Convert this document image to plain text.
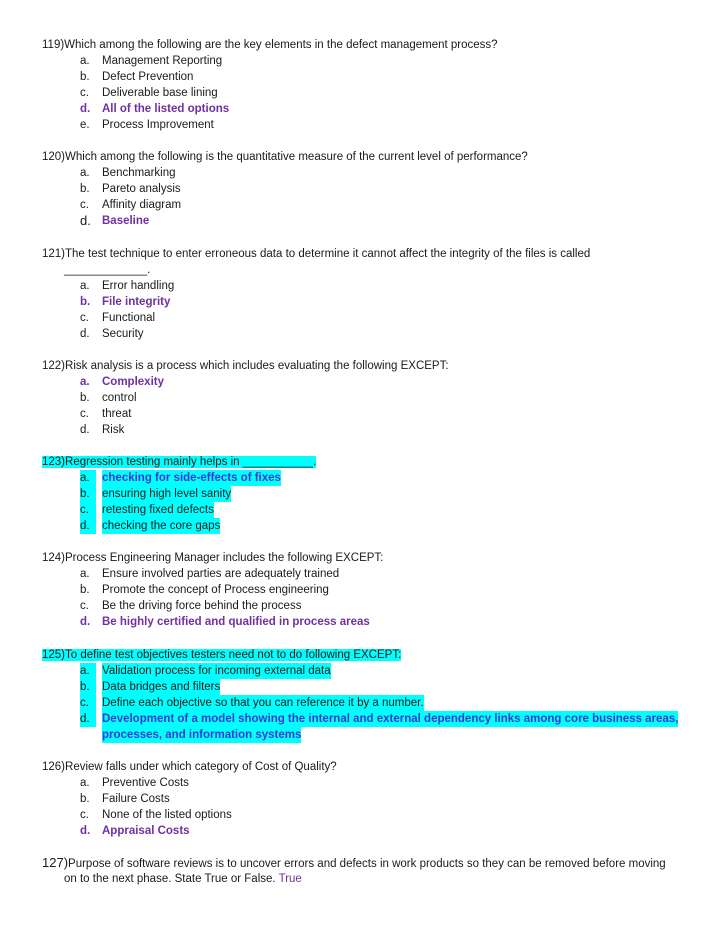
119)Which among the following are the key elements in the defect management process?
a.	Management Reporting
b.	Defect Prevention
c.	Deliverable base lining
d.	All of the listed options
e.	Process Improvement
120)Which among the following is the quantitative measure of the current level of performance?
a.	Benchmarking
b.	Pareto analysis
c.	Affinity diagram
d. Baseline
121)The test technique to enter erroneous data to determine it cannot affect the integrity of the files is called
_____________.
a.	Error handling
b.	File integrity
c.	Functional
d.	Security
122)Risk analysis is a process which includes evaluating the following EXCEPT:
a.	Complexity
b.	control
c.	threat
d.	Risk
123)Regression testing mainly helps in ___________.
a.	checking for side-effects of fixes
b.	ensuring high level sanity
c.	retesting fixed defects
d.	checking the core gaps
124)Process Engineering Manager includes the following EXCEPT:
a.	Ensure involved parties are adequately trained
b.	Promote the concept of Process engineering
c.	Be the driving force behind the process
d.	Be highly certified and qualified in process areas
125)To define test objectives testers need not to do following EXCEPT:
a.	Validation process for incoming external data
b.	Data bridges and filters
c.	Define each objective so that you can reference it by a number.
d.	Development of a model showing the internal and external dependency links among core business areas,
processes, and information systems
126)Review falls under which category of Cost of Quality?
a.	Preventive Costs
b.	Failure Costs
c.	None of the listed options
d.	Appraisal Costs
127)Purpose of software reviews is to uncover errors and defects in work products so they can be removed before moving
on to the next phase. State True or False. True
